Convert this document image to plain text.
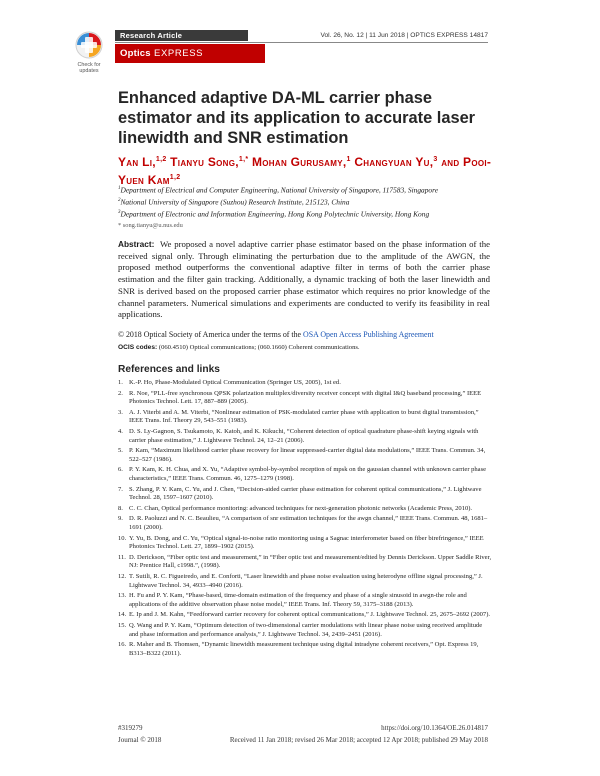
Check for
updates
Research Article
Optics EXPRESS
Vol. 26, No. 12 | 11 Jun 2018 | OPTICS EXPRESS 14817
Enhanced adaptive DA-ML carrier phase estimator and its application to accurate laser linewidth and SNR estimation
Yan Li,$^{1,2}$ Tianyu Song,$^{1,*}$ Mohan Gurusamy,$^1$ Changyuan Yu,$^3$ and Pooi-Yuen Kam$^{1,2}$
$^1$Department of Electrical and Computer Engineering, National University of Singapore, 117583, Singapore
$^2$National University of Singapore (Suzhou) Research Institute, 215123, China
$^3$Department of Electronic and Information Engineering, Hong Kong Polytechnic University, Hong Kong
* song.tianyu@u.nus.edu
Abstract: We proposed a novel adaptive carrier phase estimator based on the phase information of the received signal only. Through eliminating the perturbation due to the amplitude of the AWGN, the proposed method outperforms the conventional adaptive filter in terms of both the carrier phase estimation and the filter gain tracking. Additionally, a dynamic tracking of both the laser linewidth and SNR is derived based on the proposed carrier phase estimator which requires no prior knowledge of the channel parameters. Numerical simulations and experiments are conducted to verify its feasibility in real applications.
© 2018 Optical Society of America under the terms of the OSA Open Access Publishing Agreement
OCIS codes: (060.4510) Optical communications; (060.1660) Coherent communications.
References and links
1. K.-P. Ho, Phase-Modulated Optical Communication (Springer US, 2005), 1st ed.
2. R. Noe, “PLL-free synchronous QPSK polarization multiplex/diversity receiver concept with digital I&Q baseband processing,” IEEE Photonics Technol. Lett. 17, 887–889 (2005).
3. A. J. Viterbi and A. M. Viterbi, “Nonlinear estimation of PSK-modulated carrier phase with application to burst digital transmission,” IEEE Trans. Inf. Theory 29, 543–551 (1983).
4. D. S. Ly-Gagnon, S. Tsukamoto, K. Katoh, and K. Kikuchi, “Coherent detection of optical quadrature phase-shift keying signals with carrier phase estimation,” J. Lightwave Technol. 24, 12–21 (2006).
5. P. Kam, “Maximum likelihood carrier phase recovery for linear suppressed-carrier digital data modulations,” IEEE Trans. Commun. 34, 522–527 (1986).
6. P. Y. Kam, K. H. Chua, and X. Yu, “Adaptive symbol-by-symbol reception of mpsk on the gaussian channel with unknown carrier phase characteristics,” IEEE Trans. Commun. 46, 1275–1279 (1998).
7. S. Zhang, P. Y. Kam, C. Yu, and J. Chen, “Decision-aided carrier phase estimation for coherent optical communications,” J. Lightwave Technol. 28, 1597–1607 (2010).
8. C. C. Chan, Optical performance monitoring: advanced techniques for next-generation photonic networks (Academic Press, 2010).
9. D. R. Paoluzzi and N. C. Beaulieu, “A comparison of snr estimation techniques for the awgn channel,” IEEE Trans. Commun. 48, 1681–1691 (2000).
10. Y. Yu, B. Dong, and C. Yu, “Optical signal-to-noise ratio monitoring using a Sagnac interferometer based on fiber birefringence,” IEEE Photonics Technol. Lett. 27, 1899–1902 (2015).
11. D. Derickson, “Fiber optic test and measurement,” in “Fiber optic test and measurement/edited by Dennis Derickson. Upper Saddle River, NJ: Prentice Hall, c1998.”, (1998).
12. T. Sutili, R. C. Figueiredo, and E. Conforti, “Laser linewidth and phase noise evaluation using heterodyne offline signal processing,” J. Lightwave Technol. 34, 4933–4940 (2016).
13. H. Fu and P. Y. Kam, “Phase-based, time-domain estimation of the frequency and phase of a single sinusoid in awgn-the role and applications of the additive observation phase noise model,” IEEE Trans. Inf. Theory 59, 3175–3188 (2013).
14. E. Ip and J. M. Kahn, “Feedforward carrier recovery for coherent optical communications,” J. Lightwave Technol. 25, 2675–2692 (2007).
15. Q. Wang and P. Y. Kam, “Optimum detection of two-dimensional carrier modulations with linear phase noise using received amplitude and phase information and performance analysis,” J. Lightwave Technol. 34, 2439–2451 (2016).
16. R. Maher and B. Thomsen, “Dynamic linewidth measurement technique using digital intradyne coherent receivers,” Opt. Express 19, B313–B322 (2011).
#319279	https://doi.org/10.1364/OE.26.014817
Journal © 2018	Received 11 Jan 2018; revised 26 Mar 2018; accepted 12 Apr 2018; published 29 May 2018
